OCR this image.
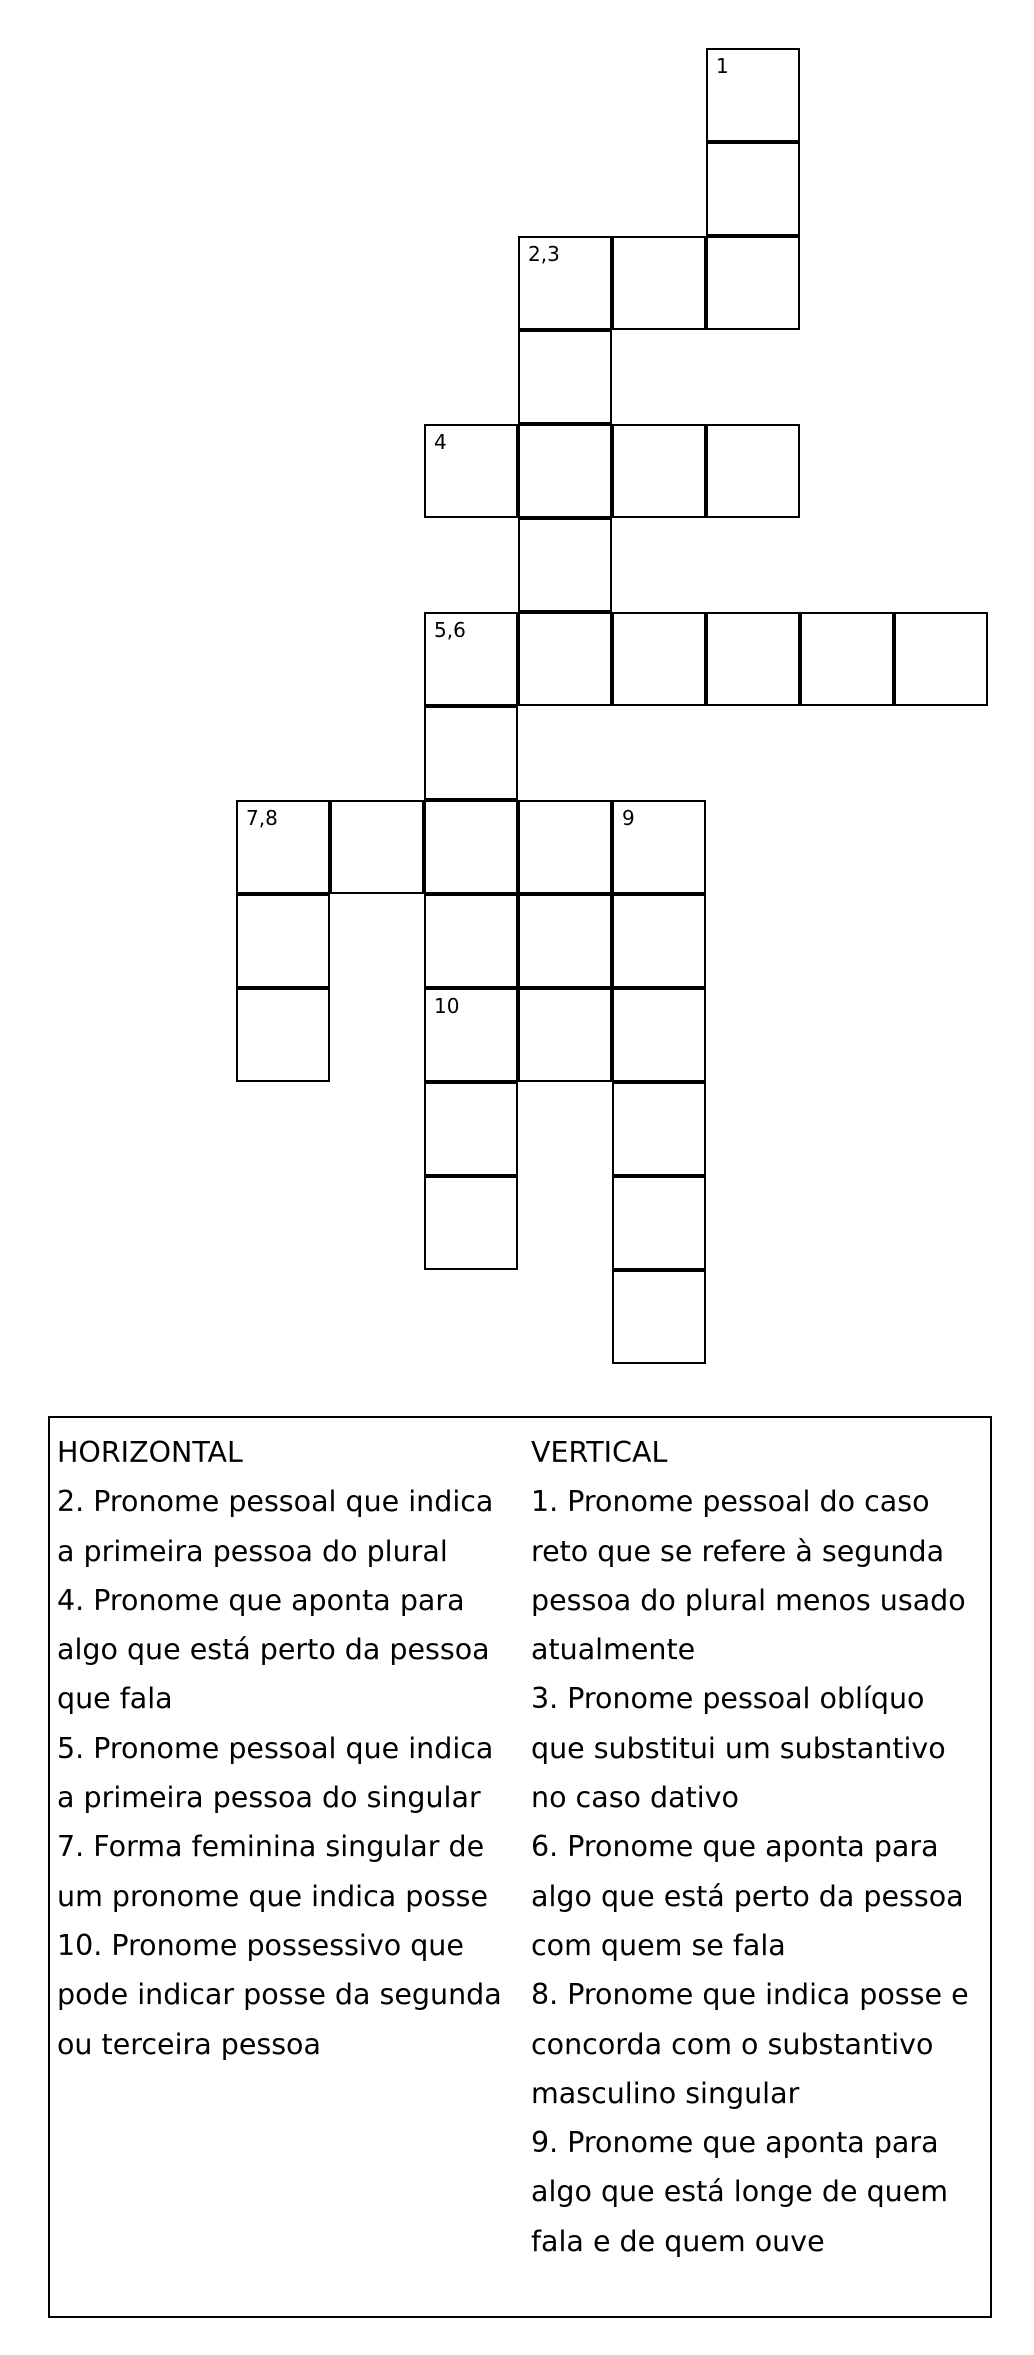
1
2,3
4
5,6
7,8	9
10

HORIZONTAL

2. Pronome pessoal que indica a primeira pessoa do plural

4. Pronome que aponta para algo que está perto da pessoa que fala

5. Pronome pessoal que indica a primeira pessoa do singular

7. Forma feminina singular de um pronome que indica posse

10. Pronome possessivo que pode indicar posse da segunda ou terceira pessoa

VERTICAL

1. Pronome pessoal do caso reto que se refere à segunda pessoa do plural menos usado atualmente

3. Pronome pessoal oblíquo que substitui um substantivo no caso dativo

6. Pronome que aponta para algo que está perto da pessoa com quem se fala

8. Pronome que indica posse e concorda com o substantivo masculino singular

9. Pronome que aponta para algo que está longe de quem fala e de quem ouve
